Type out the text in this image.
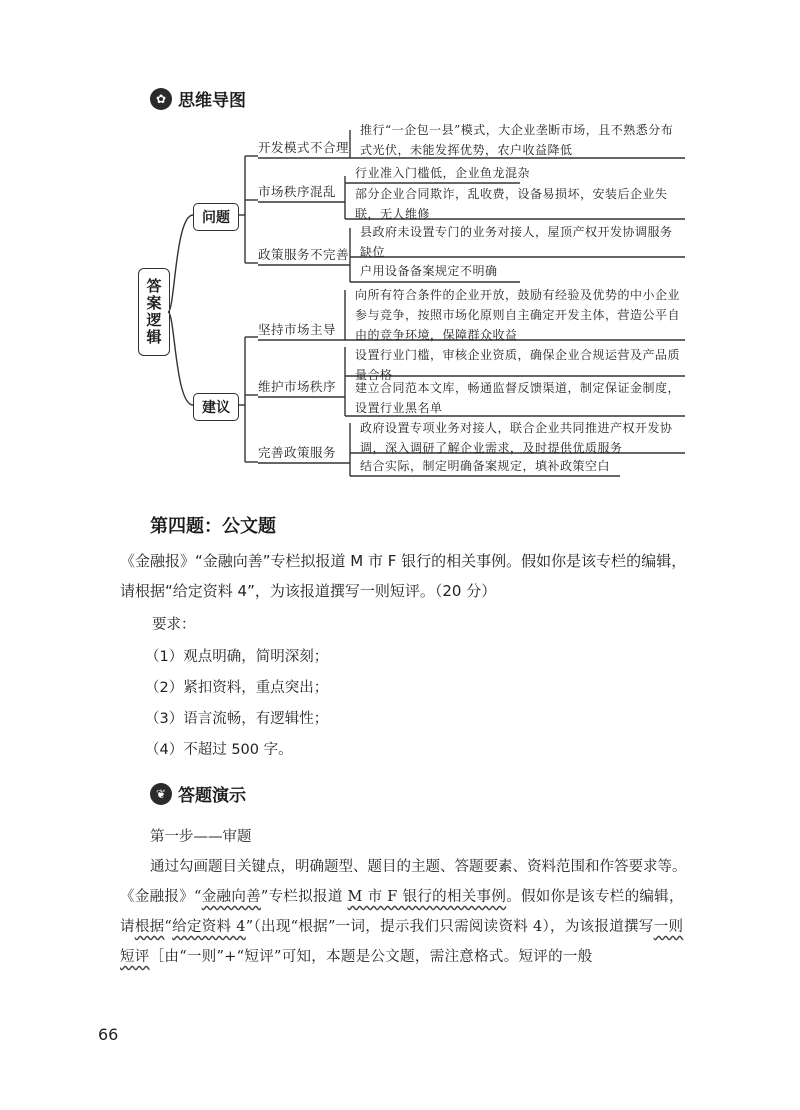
✿ 思维导图
答案逻辑
问题
建议
开发模式不合理
市场秩序混乱
政策服务不完善
推行“一企包一县”模式，大企业垄断市场，且不熟悉分布式光伏，未能发挥优势，农户收益降低
行业准入门槛低，企业鱼龙混杂
部分企业合同欺诈，乱收费，设备易损坏，安装后企业失联，无人维修
县政府未设置专门的业务对接人，屋顶产权开发协调服务缺位
户用设备备案规定不明确
坚持市场主导
维护市场秩序
完善政策服务
向所有符合条件的企业开放，鼓励有经验及优势的中小企业参与竞争，按照市场化原则自主确定开发主体，营造公平自由的竞争环境，保障群众收益
设置行业门槛，审核企业资质，确保企业合规运营及产品质量合格
建立合同范本文库，畅通监督反馈渠道，制定保证金制度，设置行业黑名单
政府设置专项业务对接人，联合企业共同推进产权开发协调，深入调研了解企业需求，及时提供优质服务
结合实际，制定明确备案规定，填补政策空白
第四题：公文题
《金融报》“金融向善”专栏拟报道 M 市 F 银行的相关事例。假如你是该专栏的编辑，
请根据“给定资料 4”，为该报道撰写一则短评。（20 分）
要求：
（1）观点明确，简明深刻；
（2）紧扣资料，重点突出；
（3）语言流畅，有逻辑性；
（4）不超过 500 字。
❦ 答题演示
第一步——审题
通过勾画题目关键点，明确题型、题目的主题、答题要素、资料范围和作答要求等。
《金融报》“金融向善”专栏拟报道 M 市 F 银行的相关事例。假如你是该专栏的编辑，请根据“给定资料 4”（出现“根据”一词，提示我们只需阅读资料 4），为该报道撰写一则短评［由“一则”+“短评”可知，本题是公文题，需注意格式。短评的一般
66
